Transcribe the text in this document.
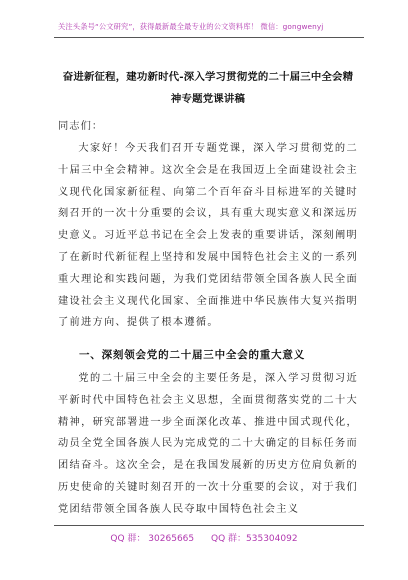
关注头条号“公文研究”，获得最新最全最专业的公文资料库！ 微信：gongwenyj
奋进新征程，建功新时代-深入学习贯彻党的二十届三中全会精神专题党课讲稿
同志们：
大家好！今天我们召开专题党课，深入学习贯彻党的二十届三中全会精神。这次全会是在我国迈上全面建设社会主义现代化国家新征程、向第二个百年奋斗目标进军的关键时刻召开的一次十分重要的会议，具有重大现实意义和深远历史意义。习近平总书记在全会上发表的重要讲话，深刻阐明了在新时代新征程上坚持和发展中国特色社会主义的一系列重大理论和实践问题，为我们党团结带领全国各族人民全面建设社会主义现代化国家、全面推进中华民族伟大复兴指明了前进方向、提供了根本遵循。
一、深刻领会党的二十届三中全会的重大意义
党的二十届三中全会的主要任务是，深入学习贯彻习近平新时代中国特色社会主义思想，全面贯彻落实党的二十大精神，研究部署进一步全面深化改革、推进中国式现代化，动员全党全国各族人民为完成党的二十大确定的目标任务而团结奋斗。这次全会，是在我国发展新的历史方位肩负新的历史使命的关键时刻召开的一次十分重要的会议，对于我们党团结带领全国各族人民夺取中国特色社会主义
QQ 群： 30265665 QQ 群：535304092
